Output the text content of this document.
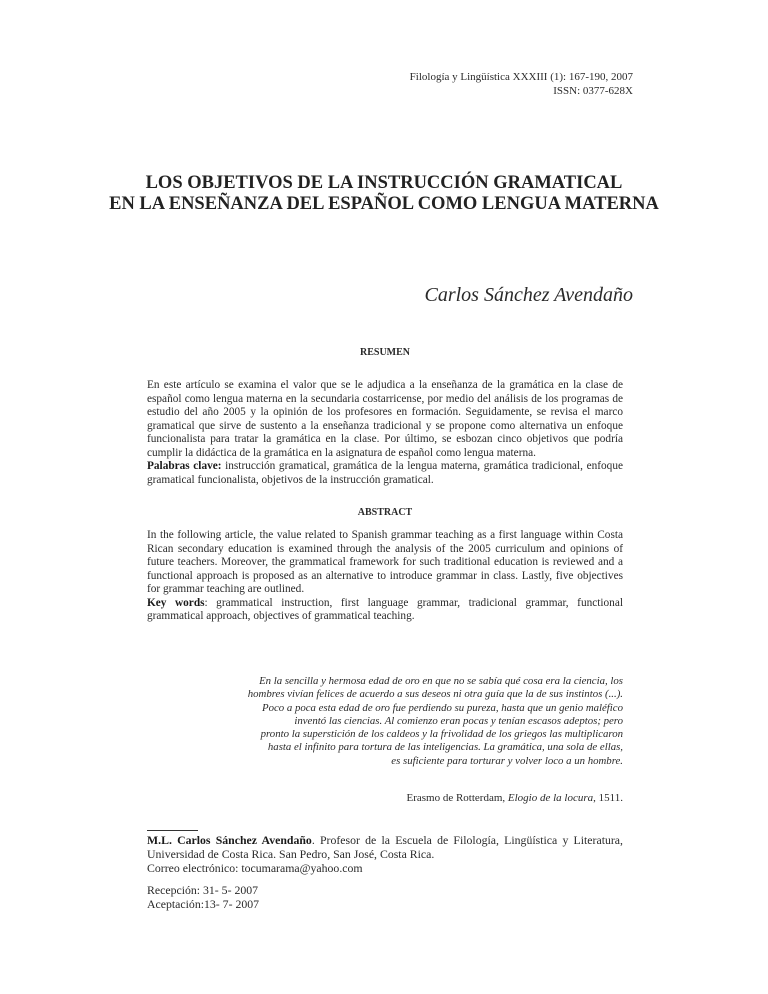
Filología y Lingüística XXXIII (1): 167-190, 2007
ISSN: 0377-628X
LOS OBJETIVOS DE LA INSTRUCCIÓN GRAMATICAL
EN LA ENSEÑANZA DEL ESPAÑOL COMO LENGUA MATERNA
Carlos Sánchez Avendaño
RESUMEN

En este artículo se examina el valor que se le adjudica a la enseñanza de la gramática en la clase de español como lengua materna en la secundaria costarricense, por medio del análisis de los programas de estudio del año 2005 y la opinión de los profesores en formación. Seguidamente, se revisa el marco gramatical que sirve de sustento a la enseñanza tradicional y se propone como alternativa un enfoque funcionalista para tratar la gramática en la clase. Por último, se esbozan cinco objetivos que podría cumplir la didáctica de la gramática en la asignatura de español como lengua materna.

Palabras clave: instrucción gramatical, gramática de la lengua materna, gramática tradicional, enfoque gramatical funcionalista, objetivos de la instrucción gramatical.

ABSTRACT

In the following article, the value related to Spanish grammar teaching as a first language within Costa Rican secondary education is examined through the analysis of the 2005 curriculum and opinions of future teachers. Moreover, the grammatical framework for such traditional education is reviewed and a functional approach is proposed as an alternative to introduce grammar in class. Lastly, five objectives for grammar teaching are outlined.

Key words: grammatical instruction, first language grammar, tradicional grammar, functional grammatical approach, objectives of grammatical teaching.

En la sencilla y hermosa edad de oro en que no se sabía qué cosa era la ciencia, los
hombres vivían felices de acuerdo a sus deseos ni otra guía que la de sus instintos (...).
Poco a poca esta edad de oro fue perdiendo su pureza, hasta que un genio maléfico
inventó las ciencias. Al comienzo eran pocas y tenían escasos adeptos; pero
pronto la superstición de los caldeos y la frivolidad de los griegos las multiplicaron
hasta el infinito para tortura de las inteligencias. La gramática, una sola de ellas,
es suficiente para torturar y volver loco a un hombre.
Erasmo de Rotterdam, Elogio de la locura, 1511.
M.L. Carlos Sánchez Avendaño. Profesor de la Escuela de Filología, Lingüística y Literatura, Universidad de Costa Rica. San Pedro, San José, Costa Rica.
Correo electrónico: tocumarama@yahoo.com
Recepción: 31- 5- 2007
Aceptación:13- 7- 2007
